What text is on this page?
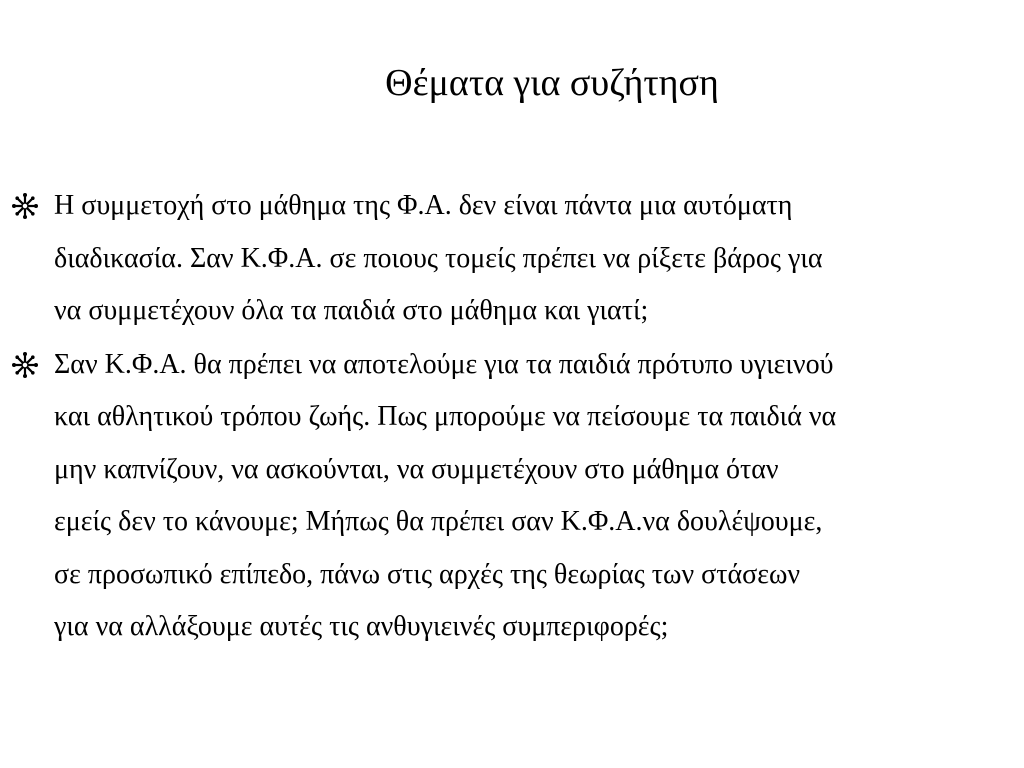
Θέματα για συζήτηση
Η συμμετοχή στο μάθημα της Φ.Α. δεν είναι πάντα μια αυτόματη
διαδικασία. Σαν Κ.Φ.Α. σε ποιους τομείς πρέπει να ρίξετε βάρος για
να συμμετέχουν όλα τα παιδιά στο μάθημα και γιατί;
Σαν Κ.Φ.Α. θα πρέπει να αποτελούμε για τα παιδιά πρότυπο υγιεινού
και αθλητικού τρόπου ζωής. Πως μπορούμε να πείσουμε τα παιδιά να
μην καπνίζουν, να ασκούνται, να συμμετέχουν στο μάθημα όταν
εμείς δεν το κάνουμε; Μήπως θα πρέπει σαν Κ.Φ.Α.να δουλέψουμε,
σε προσωπικό επίπεδο, πάνω στις αρχές της θεωρίας των στάσεων
για να αλλάξουμε αυτές τις ανθυγιεινές συμπεριφορές;
